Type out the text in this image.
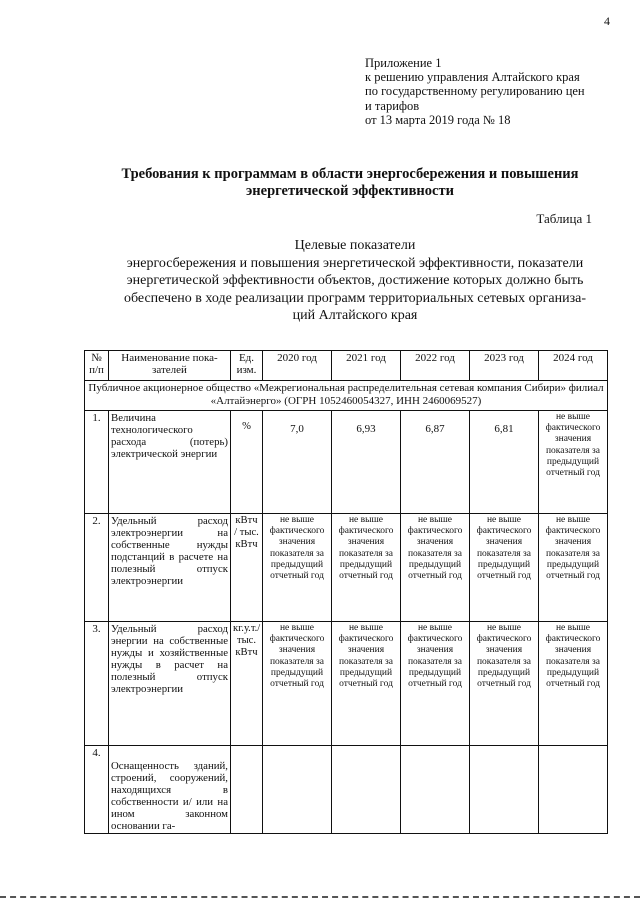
4
Приложение 1
к решению управления Алтайского края
по государственному регулированию цен
и тарифов
от 13 марта 2019 года № 18
Требования к программам в области энергосбережения и повышения
энергетической эффективности
Таблица 1
Целевые показатели
энергосбережения и повышения энергетической эффективности, показатели
энергетической эффективности объектов, достижение которых должно быть
обеспечено в ходе реализации программ территориальных сетевых организа-
ций Алтайского края
№ п/п	Наименование пока-зателей	Ед. изм.	2020 год	2021 год	2022 год	2023 год	2024 год
Публичное акционерное общество «Межрегиональная распределительная сетевая компания Сибири» филиал «Алтайэнерго» (ОГРН 1052460054327, ИНН 2460069527)							
1.	Величина технологического расхода (потерь) электрической энергии	%	7,0	6,93	6,87	6,81	не выше фактического значения показателя за предыдущий отчетный год
2.	Удельный расход электроэнергии на собственные нужды подстанций в расчете на полезный отпуск электроэнергии	кВтч / тыс. кВтч	не выше фактического значения показателя за предыдущий отчетный год	не выше фактического значения показателя за предыдущий отчетный год	не выше фактического значения показателя за предыдущий отчетный год	не выше фактического значения показателя за предыдущий отчетный год	не выше фактического значения показателя за предыдущий отчетный год
3.	Удельный расход энергии на собственные нужды и хозяйственные нужды в расчет на полезный отпуск электроэнергии	кг.у.т./ тыс. кВтч	не выше фактического значения показателя за предыдущий отчетный год	не выше фактического значения показателя за предыдущий отчетный год	не выше фактического значения показателя за предыдущий отчетный год	не выше фактического значения показателя за предыдущий отчетный год	не выше фактического значения показателя за предыдущий отчетный год
4.	Оснащенность зданий, строений, сооружений, находящихся в собственности и/ или на ином законном основании га-						
